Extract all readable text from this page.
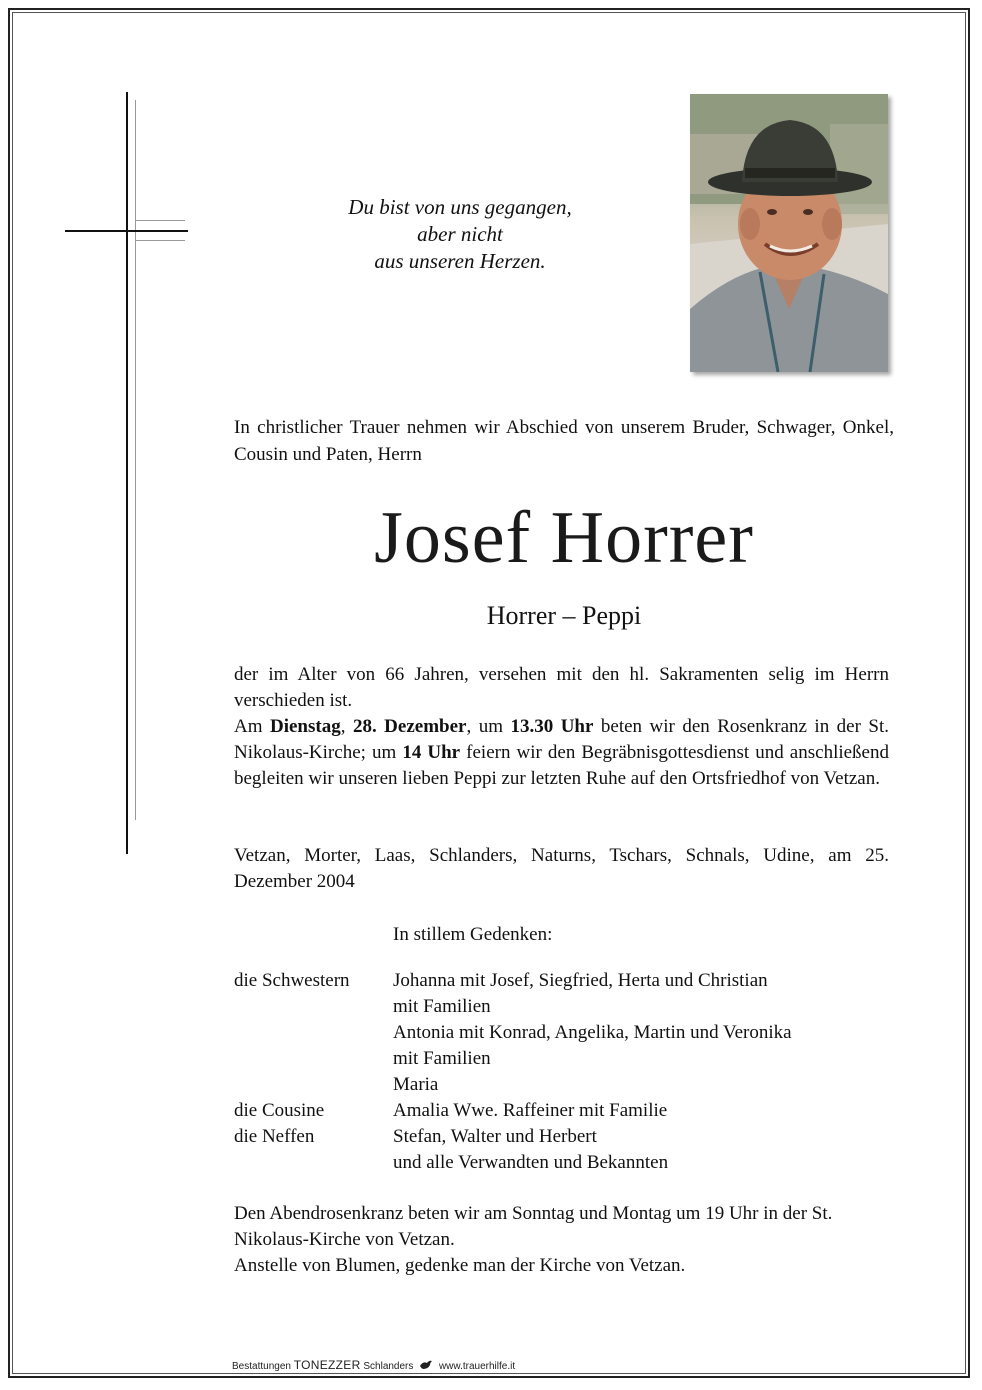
Du bist von uns gegangen,
aber nicht
aus unseren Herzen.
In christlicher Trauer nehmen wir Abschied von unserem Bruder, Schwager, Onkel, Cousin und Paten, Herrn
Josef Horrer
Horrer – Peppi
der im Alter von 66 Jahren, versehen mit den hl. Sakramenten selig im Herrn verschieden ist.
Am Dienstag, 28. Dezember, um 13.30 Uhr beten wir den Rosenkranz in der St. Nikolaus-Kirche; um 14 Uhr feiern wir den Begräbnisgottesdienst und anschließend begleiten wir unseren lieben Peppi zur letzten Ruhe auf den Ortsfriedhof von Vetzan.
Vetzan, Morter, Laas, Schlanders, Naturns, Tschars, Schnals, Udine, am 25. Dezember 2004
In stillem Gedenken:
die Schwestern	Johanna mit Josef, Siegfried, Herta und Christian
mit Familien
Antonia mit Konrad, Angelika, Martin und Veronika
mit Familien
Maria
die Cousine	Amalia Wwe. Raffeiner mit Familie
die Neffen	Stefan, Walter und Herbert
und alle Verwandten und Bekannten
Den Abendrosenkranz beten wir am Sonntag und Montag um 19 Uhr in der St. Nikolaus-Kirche von Vetzan.
Anstelle von Blumen, gedenke man der Kirche von Vetzan.
Bestattungen TONEZZER Schlanders	www.trauerhilfe.it
